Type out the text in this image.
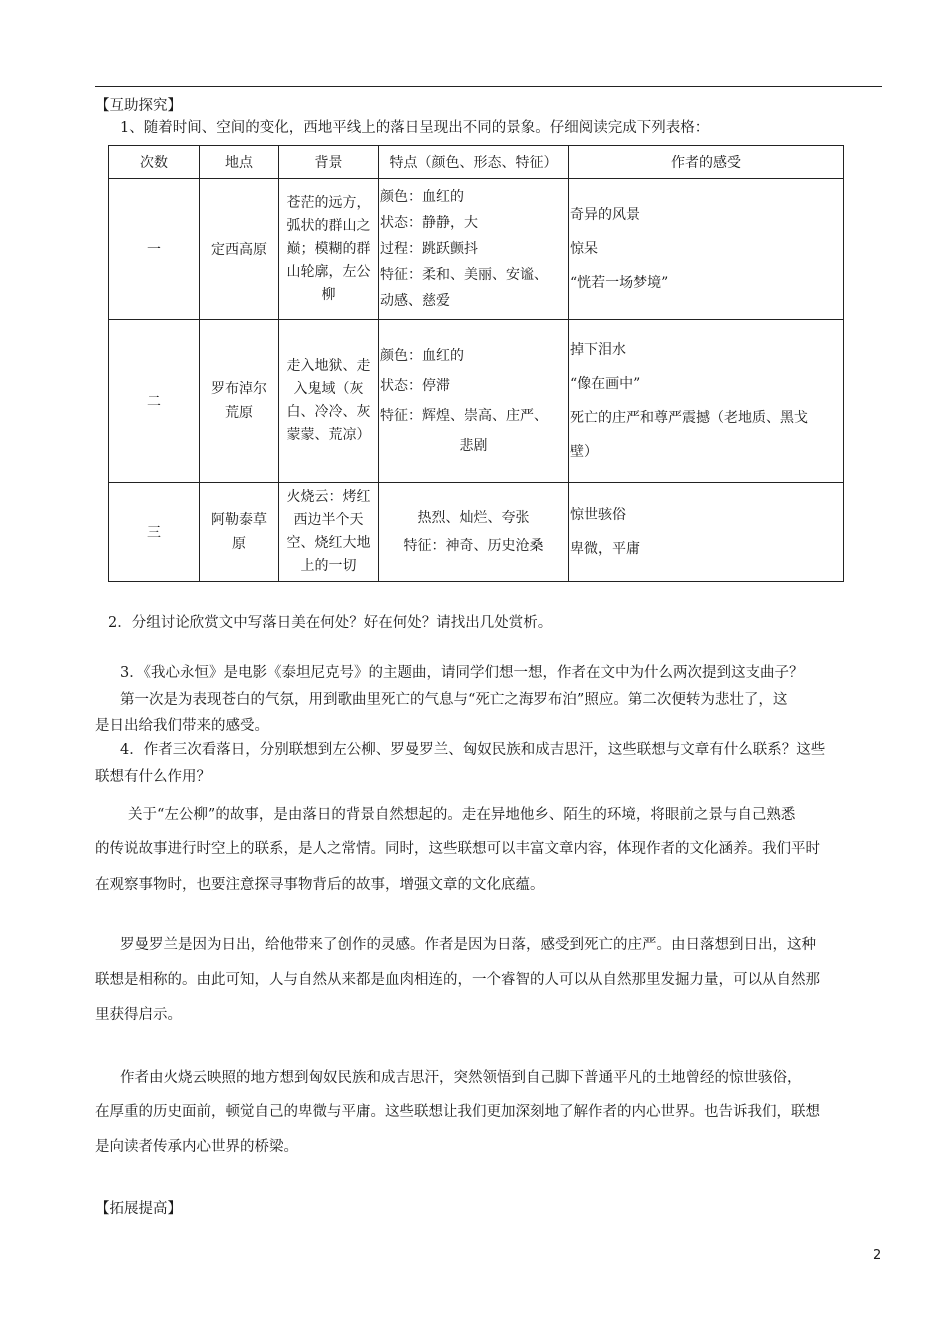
【互助探究】
1、随着时间、空间的变化，西地平线上的落日呈现出不同的景象。仔细阅读完成下列表格：
次数	地点	背景	特点（颜色、形态、特征）	作者的感受
一	定西高原	苍茫的远方，
弧状的群山之
巅；模糊的群
山轮廓，左公
柳	颜色：血红的
状态：静静，大
过程：跳跃颤抖
特征：柔和、美丽、安谧、
动感、慈爱	奇异的风景
惊呆
“恍若一场梦境”

二	罗布淖尔
荒原	走入地狱、走
入鬼域（灰
白、冷冷、灰
蒙蒙、荒凉）	颜色：血红的
状态：停滞
特征：辉煌、崇高、庄严、
悲剧	掉下泪水
“像在画中”
死亡的庄严和尊严震撼（老地质、黑戈
壁）

三	阿勒泰草
原	火烧云：烤红
西边半个天
空、烧红大地
上的一切	热烈、灿烂、夸张
特征：神奇、历史沧桑	惊世骇俗
卑微，平庸
2．分组讨论欣赏文中写落日美在何处？好在何处？请找出几处赏析。
3．《我心永恒》是电影《泰坦尼克号》的主题曲，请同学们想一想，作者在文中为什么两次提到这支曲子？
第一次是为表现苍白的气氛，用到歌曲里死亡的气息与“死亡之海罗布泊”照应。第二次便转为悲壮了，这
是日出给我们带来的感受。
4．作者三次看落日，分别联想到左公柳、罗曼罗兰、匈奴民族和成吉思汗，这些联想与文章有什么联系？这些
联想有什么作用？
关于“左公柳”的故事，是由落日的背景自然想起的。走在异地他乡、陌生的环境，将眼前之景与自己熟悉
的传说故事进行时空上的联系，是人之常情。同时，这些联想可以丰富文章内容，体现作者的文化涵养。我们平时
在观察事物时，也要注意探寻事物背后的故事，增强文章的文化底蕴。
罗曼罗兰是因为日出，给他带来了创作的灵感。作者是因为日落，感受到死亡的庄严。由日落想到日出，这种
联想是相称的。由此可知，人与自然从来都是血肉相连的，一个睿智的人可以从自然那里发掘力量，可以从自然那
里获得启示。
作者由火烧云映照的地方想到匈奴民族和成吉思汗，突然领悟到自己脚下普通平凡的土地曾经的惊世骇俗，
在厚重的历史面前，顿觉自己的卑微与平庸。这些联想让我们更加深刻地了解作者的内心世界。也告诉我们，联想
是向读者传承内心世界的桥梁。
【拓展提高】
2
